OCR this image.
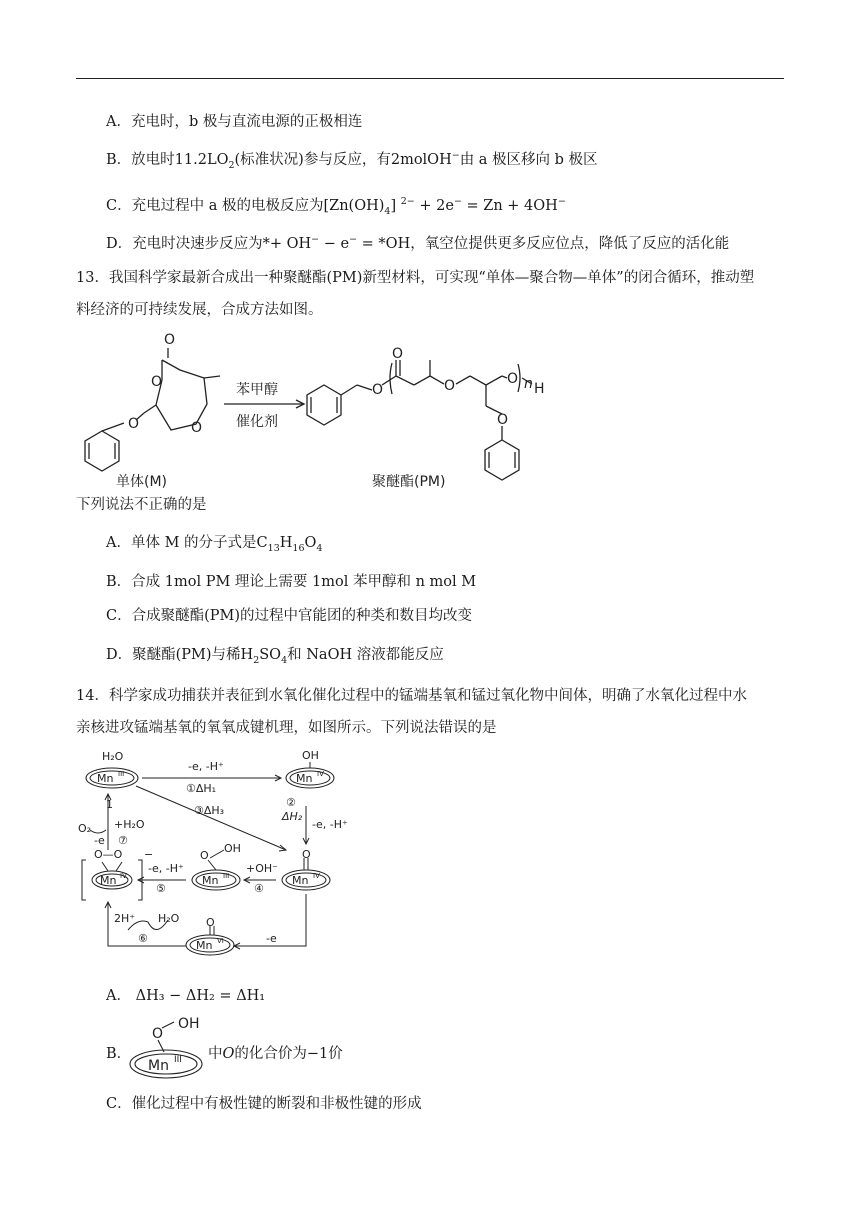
A．充电时，b 极与直流电源的正极相连
B．放电时$11.2LO_2$(标准状况)参与反应，有2molOH−由 a 极区移向 b 极区
C．充电过程中 a 极的电极反应为$[Zn(OH)_4] ^{2-} + 2e^- = Zn + 4OH^-$
D．充电时决速步反应为*+ OH− − e− = *OH，氧空位提供更多反应位点，降低了反应的活化能
13．我国科学家最新合成出一种聚醚酯(PM)新型材料，可实现“单体—聚合物—单体”的闭合循环，推动塑
料经济的可持续发展，合成方法如图。
O
O
O
O
苯甲醇
催化剂
O
O
O	O n H
O
单体(M)	聚醚酯(PM)
下列说法不正确的是
A．单体 M 的分子式是$C_{13}H_{16}O_4$
B．合成 1mol PM 理论上需要 1mol 苯甲醇和 n mol M
C．合成聚醚酯(PM)的过程中官能团的种类和数目均改变
D．聚醚酯(PM)与稀$H_2SO_4$和 NaOH 溶液都能反应
14．科学家成功捕获并表征到水氧化催化过程中的锰端基氧和锰过氧化物中间体，明确了水氧化过程中水
亲核进攻锰端基氧的氧氧成键机理，如图所示。下列说法错误的是
H₂O
Mn III
OH
Mn IV
-e, -H⁺
①ΔH₁
②
ΔH₂
-e, -H⁺
③ΔH₃
O
Mn IV
+OH⁻
④
O
OH
Mn III
-e, -H⁺
⑤
O—O
Mn IV
−
O
Mn VI	-e
2H⁺ H₂O
⑥
1
+H₂O
⑦
O₂
-e
A． ΔH₃ − ΔH₂ = ΔH₁
B．
O
OH
Mn III 中O的化合价为−1价
C．催化过程中有极性键的断裂和非极性键的形成
